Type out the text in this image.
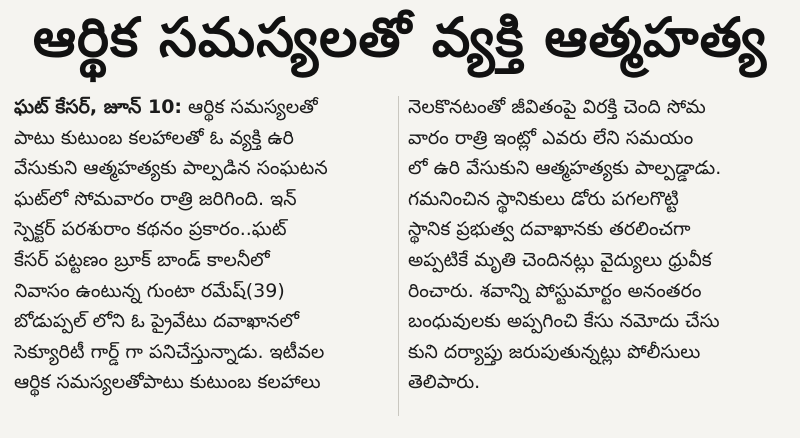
ఆర్థిక సమస్యలతో వ్యక్తి ఆత్మహత్య
ఘట్ కేసర్, జూన్ 10: ఆర్థిక సమస్యలతో
పాటు కుటుంబ కలహాలతో ఓ వ్యక్తి ఉరి
వేసుకుని ఆత్మహత్యకు పాల్పడిన సంఘటన
ఘట్‌లో సోమవారం రాత్రి జరిగింది. ఇన్
స్పెక్టర్ పరశురాం కథనం ప్రకారం..ఘట్
కేసర్ పట్టణం బ్రూక్ బాండ్ కాలనీలో
నివాసం ఉంటున్న గుంటా రమేష్(39)
బోడుప్పల్ లోని ఓ ప్రైవేటు దవాఖానలో
సెక్యూరిటీ గార్డ్ గా పనిచేస్తున్నాడు. ఇటీవల
ఆర్థిక సమస్యలతోపాటు కుటుంబ కలహాలు
నెలకొనటంతో జీవితంపై విరక్తి చెంది సోమ
వారం రాత్రి ఇంట్లో ఎవరు లేని సమయం
లో ఉరి వేసుకుని ఆత్మహత్యకు పాల్పడ్డాడు.
గమనించిన స్థానికులు డోరు పగలగొట్టి
స్థానిక ప్రభుత్వ దవాఖానకు తరలించగా
అప్పటికే మృతి చెందినట్లు వైద్యులు ధ్రువీక
రించారు. శవాన్ని పోస్టుమార్టం అనంతరం
బంధువులకు అప్పగించి కేసు నమోదు చేసు
కుని దర్యాప్తు జరుపుతున్నట్లు పోలీసులు
తెలిపారు.
